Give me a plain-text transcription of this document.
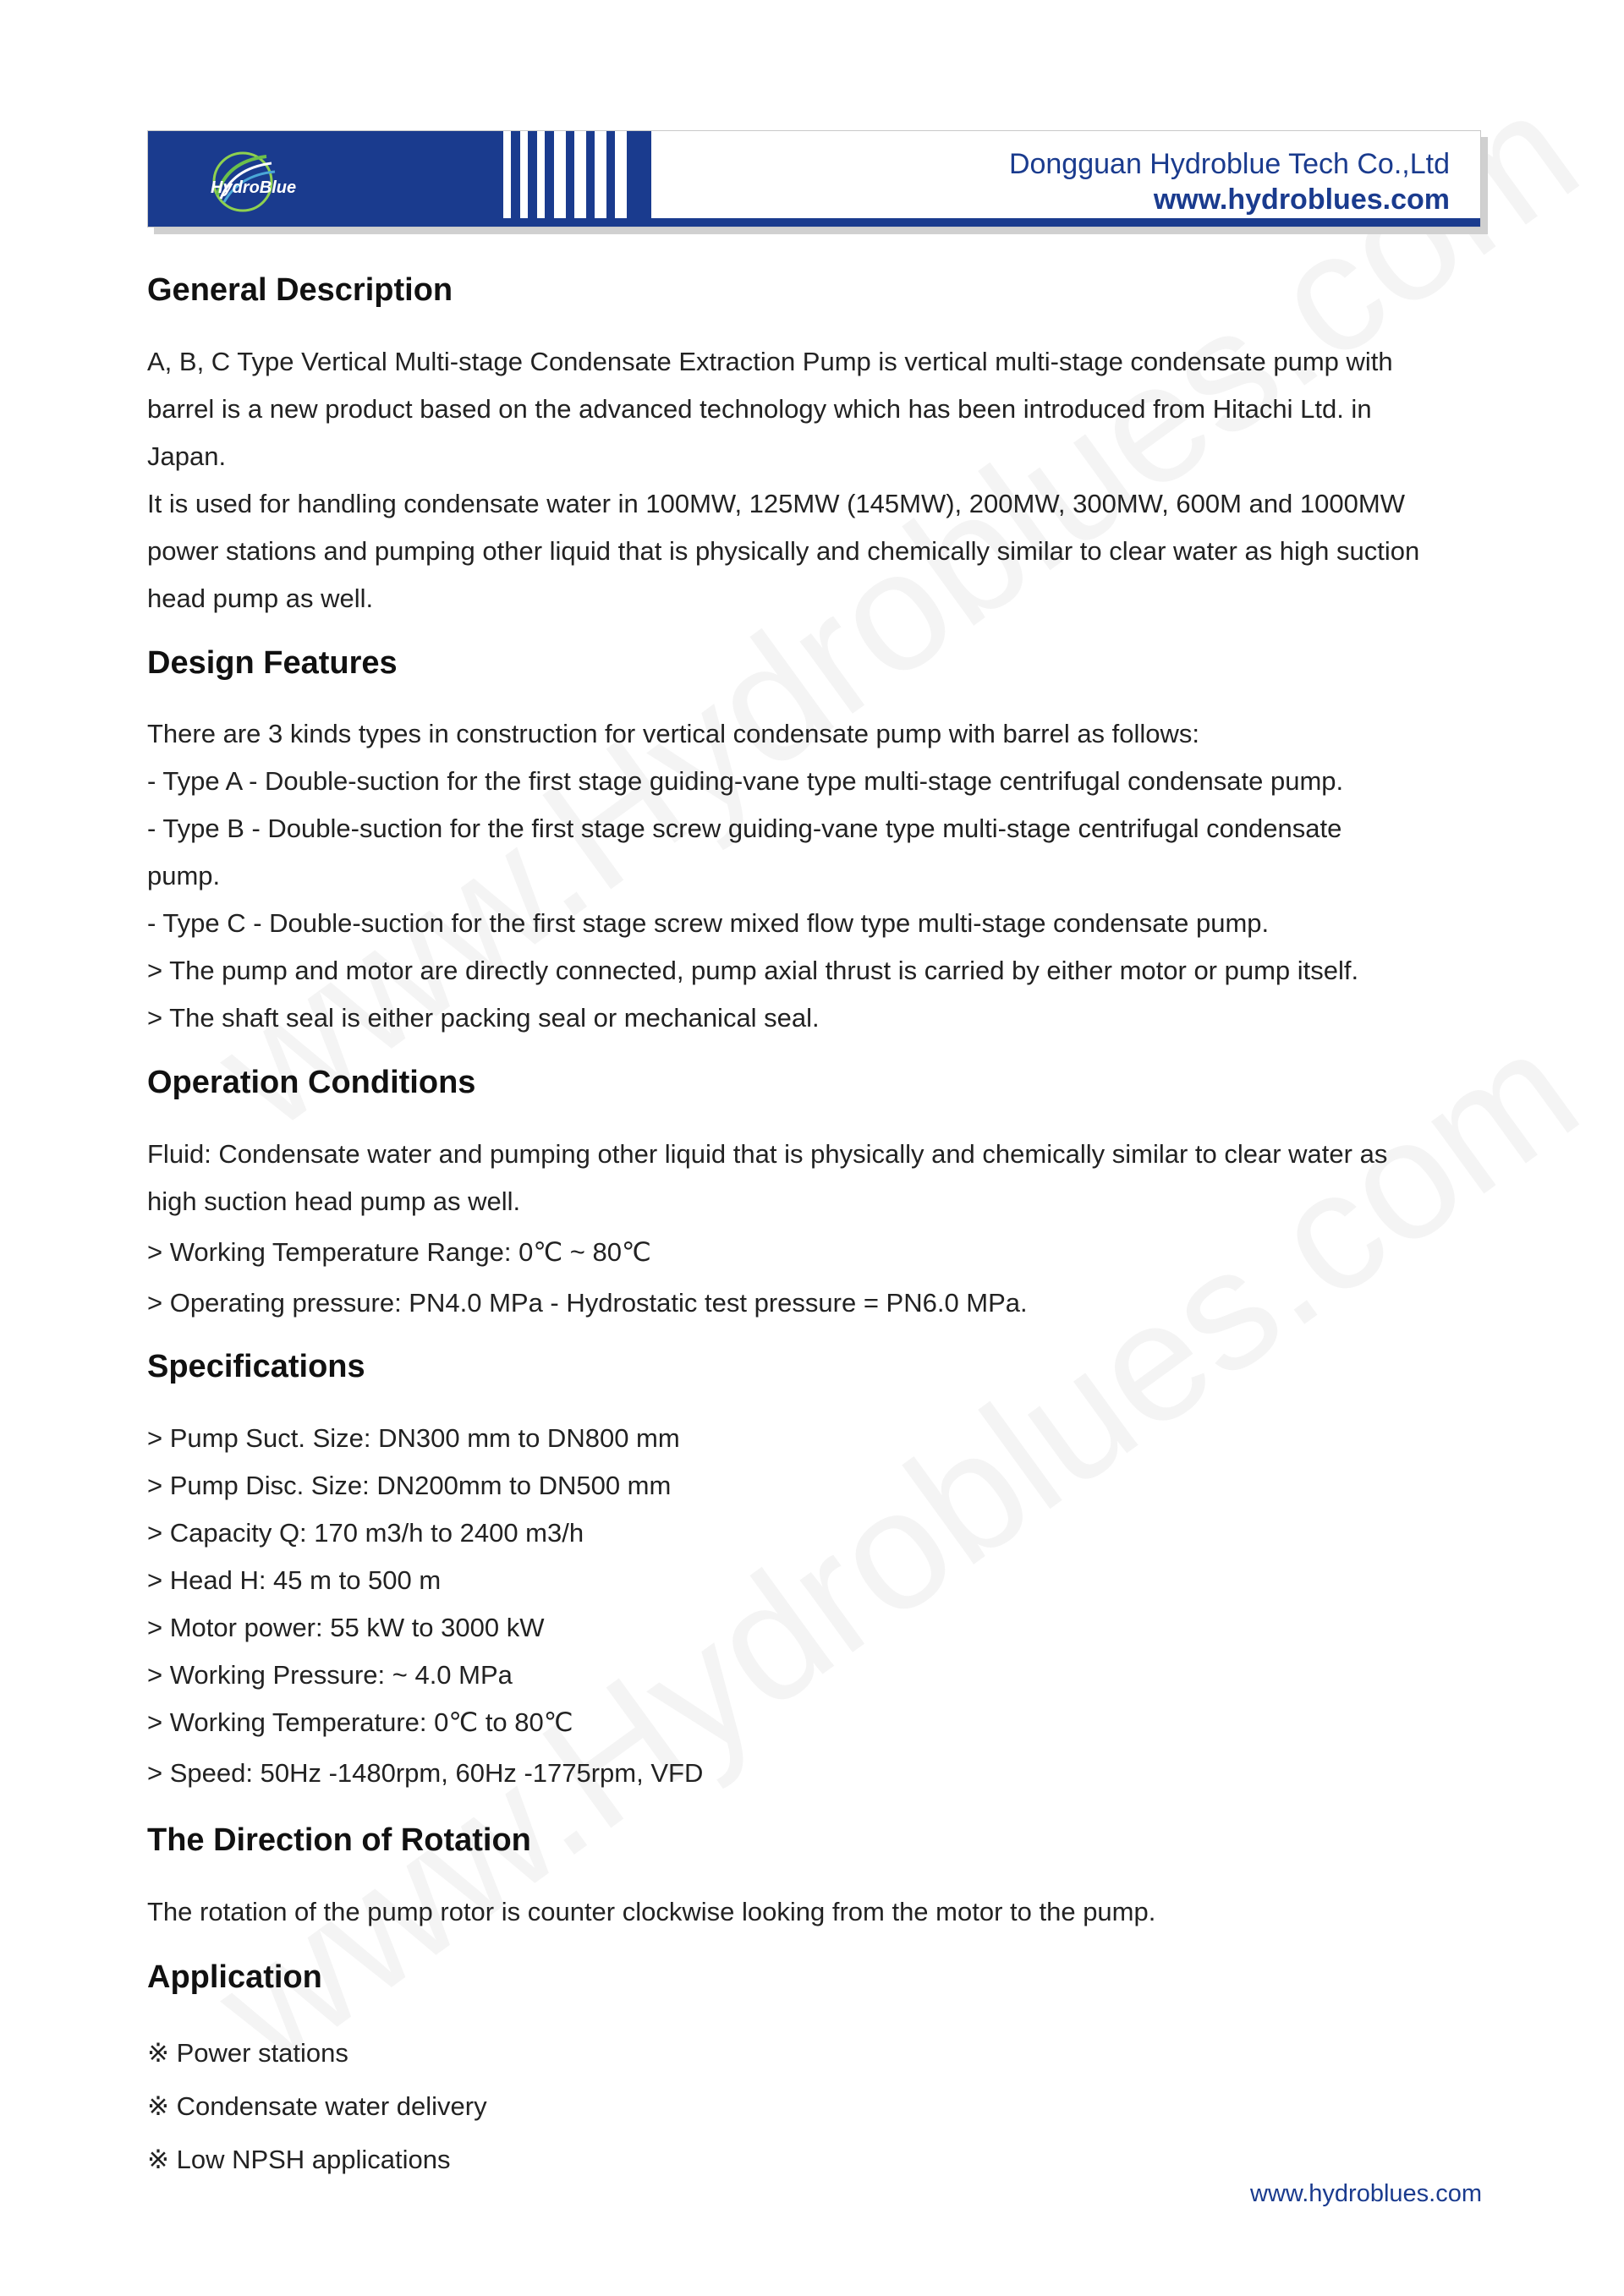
HydroBlue
Dongguan Hydroblue Tech Co.,Ltd
www.hydroblues.com
General Description
A, B, C Type Vertical Multi-stage Condensate Extraction Pump is vertical multi-stage condensate pump with
barrel is a new product based on the advanced technology which has been introduced from Hitachi Ltd. in
Japan.
It is used for handling condensate water in 100MW, 125MW (145MW), 200MW, 300MW, 600M and 1000MW
power stations and pumping other liquid that is physically and chemically similar to clear water as high suction
head pump as well.
Design Features
There are 3 kinds types in construction for vertical condensate pump with barrel as follows:
- Type A - Double-suction for the first stage guiding-vane type multi-stage centrifugal condensate pump.
- Type B - Double-suction for the first stage screw guiding-vane type multi-stage centrifugal condensate
pump.
- Type C - Double-suction for the first stage screw mixed flow type multi-stage condensate pump.
> The pump and motor are directly connected, pump axial thrust is carried by either motor or pump itself.
> The shaft seal is either packing seal or mechanical seal.
Operation Conditions
Fluid: Condensate water and pumping other liquid that is physically and chemically similar to clear water as
high suction head pump as well.
> Working Temperature Range: 0℃ ~ 80℃
> Operating pressure: PN4.0 MPa - Hydrostatic test pressure = PN6.0 MPa.
Specifications
> Pump Suct. Size: DN300 mm to DN800 mm
> Pump Disc. Size: DN200mm to DN500 mm
> Capacity Q: 170 m3/h to 2400 m3/h
> Head H: 45 m to 500 m
> Motor power: 55 kW to 3000 kW
> Working Pressure: ~ 4.0 MPa
> Working Temperature: 0℃ to 80℃
> Speed: 50Hz -1480rpm, 60Hz -1775rpm, VFD
The Direction of Rotation
The rotation of the pump rotor is counter clockwise looking from the motor to the pump.
Application
※ Power stations
※ Condensate water delivery
※ Low NPSH applications
www.hydroblues.com
